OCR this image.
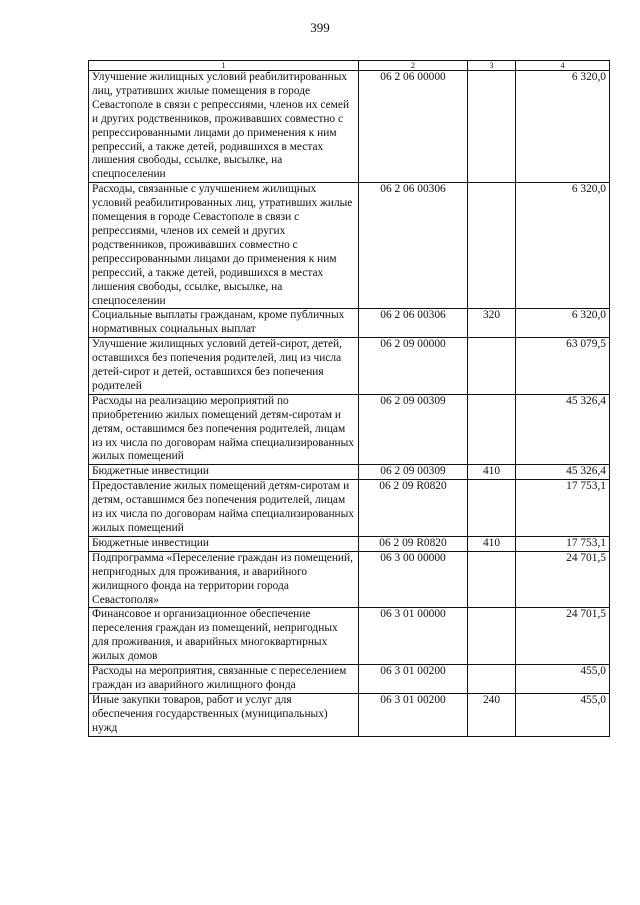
399
1	2	3	4
Улучшение жилищных условий реабилитированных лиц, утративших жилые помещения в городе Севастополе в связи с репрессиями, членов их семей и других родственников, проживавших совместно с репрессированными лицами до применения к ним репрессий, а также детей, родившихся в местах лишения свободы, ссылке, высылке, на спецпоселении	06 2 06 00000		6 320,0
Расходы, связанные с улучшением жилищных условий реабилитированных лиц, утративших жилые помещения в городе Севастополе в связи с репрессиями, членов их семей и других родственников, проживавших совместно с репрессированными лицами до применения к ним репрессий, а также детей, родившихся в местах лишения свободы, ссылке, высылке, на спецпоселении	06 2 06 00306		6 320,0
Социальные выплаты гражданам, кроме публичных нормативных социальных выплат	06 2 06 00306	320	6 320,0
Улучшение жилищных условий детей-сирот, детей, оставшихся без попечения родителей, лиц из числа детей-сирот и детей, оставшихся без попечения родителей	06 2 09 00000		63 079,5
Расходы на реализацию мероприятий по приобретению жилых помещений детям-сиротам и детям, оставшимся без попечения родителей, лицам из их числа по договорам найма специализированных жилых помещений	06 2 09 00309		45 326,4
Бюджетные инвестиции	06 2 09 00309	410	45 326,4
Предоставление жилых помещений детям-сиротам и детям, оставшимся без попечения родителей, лицам из их числа по договорам найма специализированных жилых помещений	06 2 09 R0820		17 753,1
Бюджетные инвестиции	06 2 09 R0820	410	17 753,1
Подпрограмма «Переселение граждан из помещений, непригодных для проживания, и аварийного жилищного фонда на территории города Севастополя»	06 3 00 00000		24 701,5
Финансовое и организационное обеспечение переселения граждан из помещений, непригодных для проживания, и аварийных многоквартирных жилых домов	06 3 01 00000		24 701,5
Расходы на мероприятия, связанные с переселением граждан из аварийного жилищного фонда	06 3 01 00200		455,0
Иные закупки товаров, работ и услуг для обеспечения государственных (муниципальных) нужд	06 3 01 00200	240	455,0
